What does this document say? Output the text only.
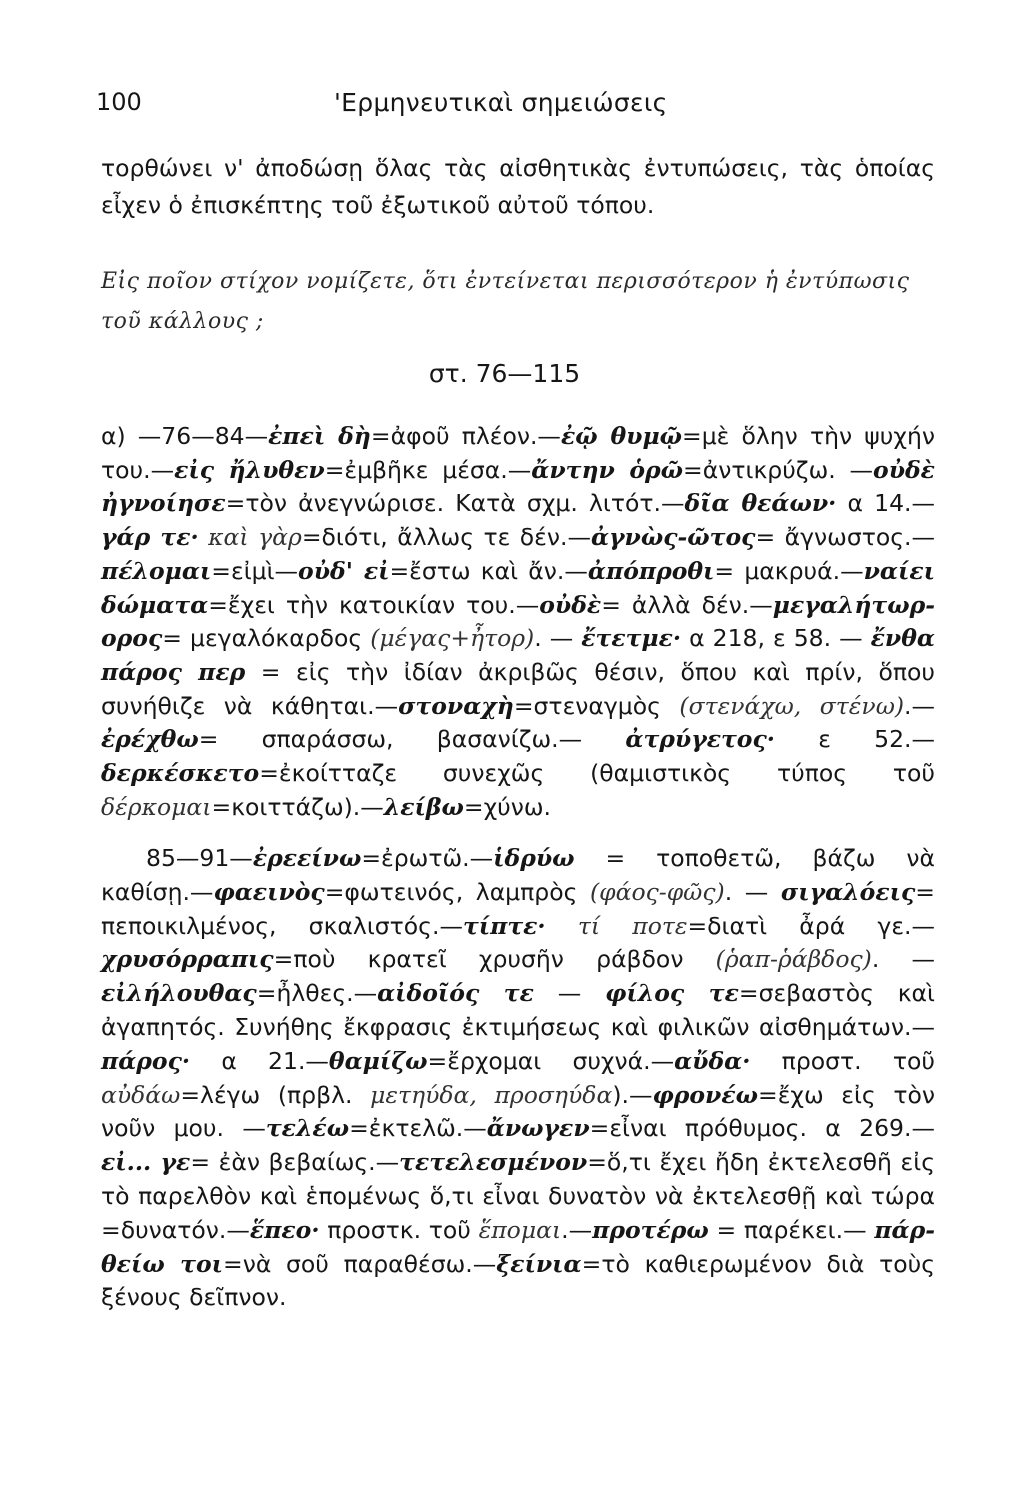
100	'Ερμηνευτικαὶ σημειώσεις

τορθώνει ν' ἀποδώσῃ ὅλας τὰς αἰσθητικὰς ἐντυπώσεις, τὰς ὁποίας εἶχεν ὁ ἐπισκέπτης τοῦ ἐξωτικοῦ αὐτοῦ τόπου.

Εἰς ποῖον στίχον νομίζετε, ὅτι ἐντείνεται περισσότερον ἡ ἐντύπωσις τοῦ κάλλους ;

στ. 76—115

α) —76—84—ἐπεὶ δὴ=ἀφοῦ πλέον.—ἐῷ θυμῷ=μὲ ὅλην τὴν ψυχήν του.—εἰς ἤλυθεν=ἐμβῆκε μέσα.—ἄντην ὁρῶ=ἀντικρύζω. —οὐδὲ ἠγνοίησε=τὸν ἀνεγνώρισε. Κατὰ σχμ. λιτότ.—δῖα θεάων· α 14.—γάρ τε· καὶ γὰρ=διότι, ἄλλως τε δέν.—ἀγνὼς-ῶτος= ἄγνωστος.—πέλομαι=εἰμὶ—οὐδ' εἰ=ἔστω καὶ ἄν.—ἀπόπροθι= μακρυά.—ναίει δώματα=ἔχει τὴν κατοικίαν του.—οὐδὲ= ἀλλὰ δέν.—μεγαλήτωρ-ορος= μεγαλόκαρδος (μέγας+ἦτορ). — ἔτετμε· α 218, ε 58. — ἔνθα πάρος περ = εἰς τὴν ἰδίαν ἀκριβῶς θέσιν, ὅπου καὶ πρίν, ὅπου συνήθιζε νὰ κάθηται.—στοναχὴ=στεναγμὸς (στενάχω, στένω).—ἐρέχθω= σπαράσσω, βασανίζω.— ἀτρύγετος· ε 52.—δερκέσκετο=ἐκοίτταζε συνεχῶς (θαμιστικὸς τύπος τοῦ δέρκομαι=κοιττάζω).—λείβω=χύνω.

85—91—ἐρεείνω=ἐρωτῶ.—ἱδρύω = τοποθετῶ, βάζω νὰ καθίσῃ.—φαεινὸς=φωτεινός, λαμπρὸς (φάος-φῶς). — σιγαλόεις= πεποικιλμένος, σκαλιστός.—τίπτε· τί ποτε=διατὶ ἆρά γε.—χρυσόρραπις=ποὺ κρατεῖ χρυσῆν ράβδον (ῥαπ-ῥάβδος). — εἰλήλουθας=ἦλθες.—αἰδοῖός τε — φίλος τε=σεβαστὸς καὶ ἀγαπητός. Συνήθης ἔκφρασις ἐκτιμήσεως καὶ φιλικῶν αἰσθημάτων.—πάρος· α 21.—θαμίζω=ἔρχομαι συχνά.—αὔδα· προστ. τοῦ αὐδάω=λέγω (πρβλ. μετηύδα, προσηύδα).—φρονέω=ἔχω εἰς τὸν νοῦν μου. —τελέω=ἐκτελῶ.—ἄνωγεν=εἶναι πρόθυμος. α 269.— εἰ... γε= ἐὰν βεβαίως.—τετελεσμένον=ὅ,τι ἔχει ἤδη ἐκτελεσθῆ εἰς τὸ παρελθὸν καὶ ἑπομένως ὅ,τι εἶναι δυνατὸν νὰ ἐκτελεσθῇ καὶ τώρα =δυνατόν.—ἕπεο· προστκ. τοῦ ἕπομαι.—προτέρω = παρέκει.— πάρ-θείω τοι=νὰ σοῦ παραθέσω.—ξείνια=τὸ καθιερωμένον διὰ τοὺς ξένους δεῖπνον.
